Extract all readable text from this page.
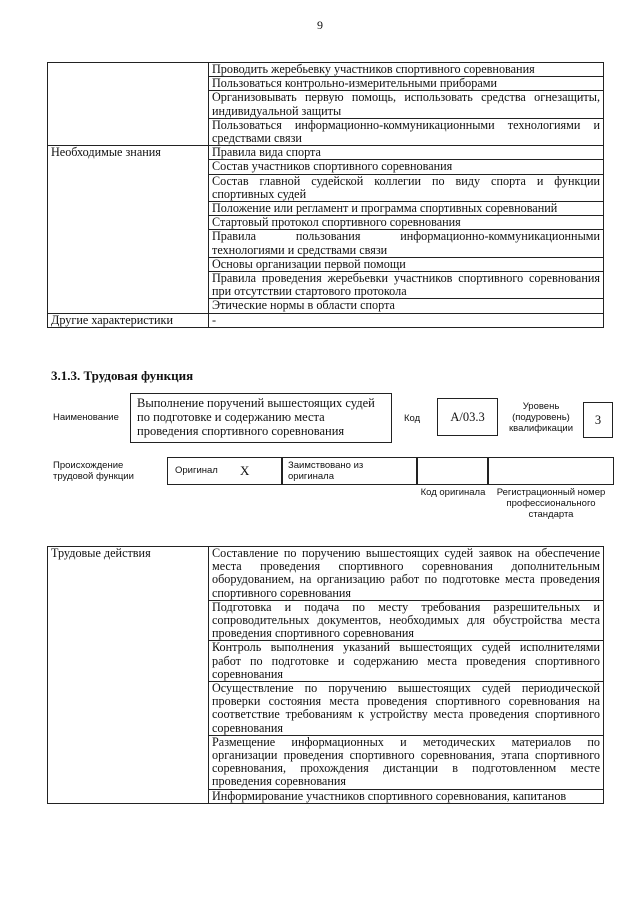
9
	Проводить жеребьевку участников спортивного соревнования
	Пользоваться контрольно-измерительными приборами
	Организовывать первую помощь, использовать средства огнезащиты, индивидуальной защиты
	Пользоваться информационно-коммуникационными технологиями и средствами связи
Необходимые знания	Правила вида спорта
	Состав участников спортивного соревнования
	Состав главной судейской коллегии по виду спорта и функции спортивных судей
	Положение или регламент и программа спортивных соревнований
	Стартовый протокол спортивного соревнования
	Правила пользования информационно-коммуникационными технологиями и средствами связи
	Основы организации первой помощи
	Правила проведения жеребьевки участников спортивного соревнования при отсутствии стартового протокола
	Этические нормы в области спорта
Другие характеристики	-
3.1.3. Трудовая функция
Наименование
Выполнение поручений вышестоящих судей по подготовке и содержанию места проведения спортивного соревнования
Код	А/03.3
Уровень (подуровень) квалификации
3
Происхождение трудовой функции
Оригинал X	Заимствовано из оригинала
Код оригинала Регистрационный номер профессионального стандарта
Трудовые действия	Составление по поручению вышестоящих судей заявок на обеспечение места проведения спортивного соревнования дополнительным оборудованием, на организацию работ по подготовке места проведения спортивного соревнования
Подготовка и подача по месту требования разрешительных и сопроводительных документов, необходимых для обустройства места проведения спортивного соревнования
Контроль выполнения указаний вышестоящих судей исполнителями работ по подготовке и содержанию места проведения спортивного соревнования
Осуществление по поручению вышестоящих судей периодической проверки состояния места проведения спортивного соревнования на соответствие требованиям к устройству места проведения спортивного соревнования
Размещение информационных и методических материалов по организации проведения спортивного соревнования, этапа спортивного соревнования, прохождения дистанции в подготовленном месте проведения соревнования
Информирование участников спортивного соревнования, капитанов
